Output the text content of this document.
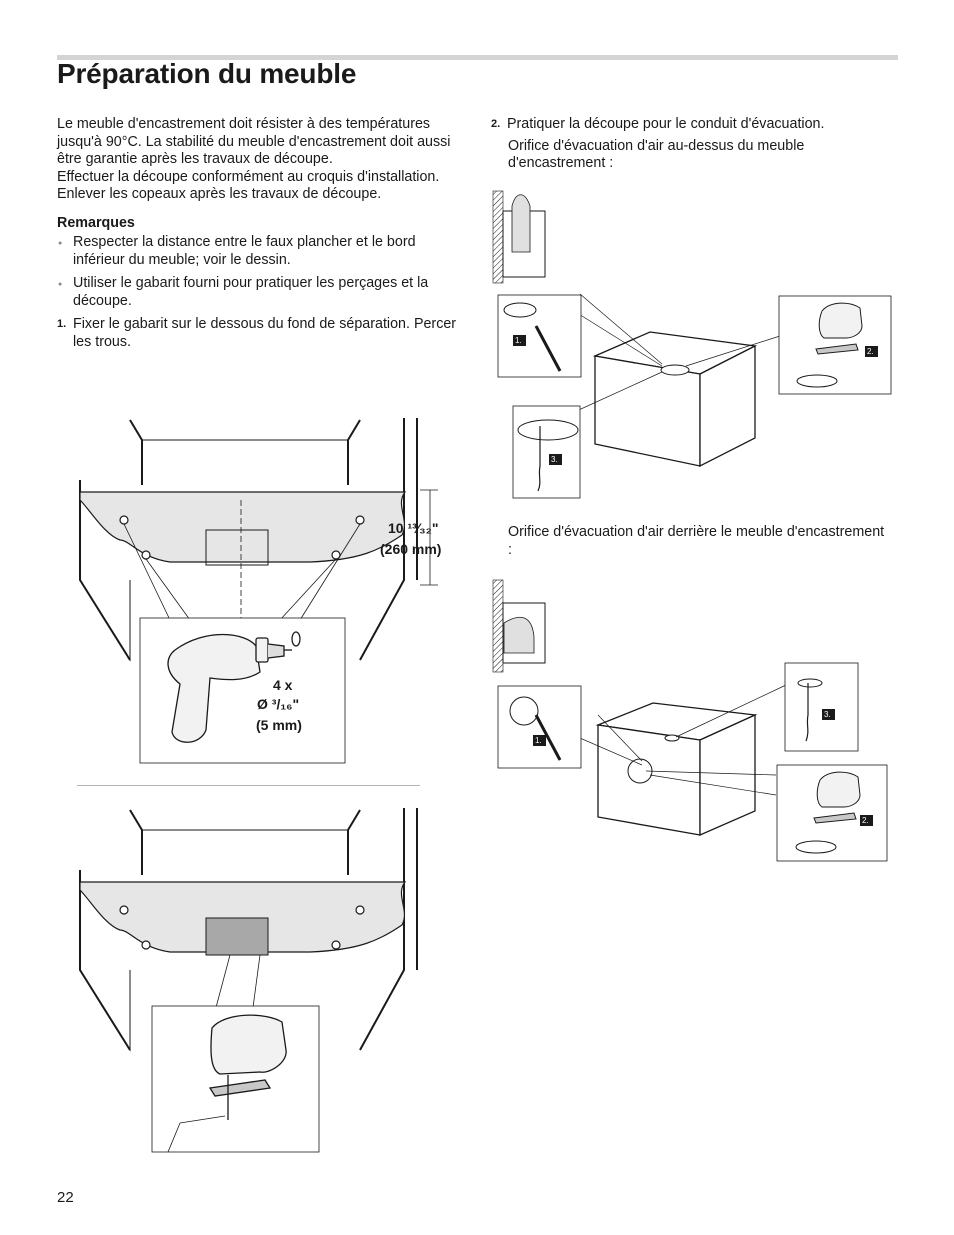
Préparation du meuble

Le meuble d'encastrement doit résister à des températures jusqu'à 90°C. La stabilité du meuble d'encastrement doit aussi être garantie après les travaux de découpe.

Effectuer la découpe conformément au croquis d'installation.

Enlever les copeaux après les travaux de découpe.

Remarques

● Respecter la distance entre le faux plancher et le bord inférieur du meuble; voir le dessin.

● Utiliser le gabarit fourni pour pratiquer les perçages et la découpe.

1. Fixer le gabarit sur le dessous du fond de séparation. Percer les trous.

2. Pratiquer la découpe pour le conduit d'évacuation.

Orifice d'évacuation d'air au-dessus du meuble d'encastrement :

Orifice d'évacuation d'air derrière le meuble d'encastrement :
10 ¹³⁄₃₂"
(260 mm)
4 x
Ø ³/₁₆"
(5 mm)
1.
2.
3.
1.
3.
2.
22
